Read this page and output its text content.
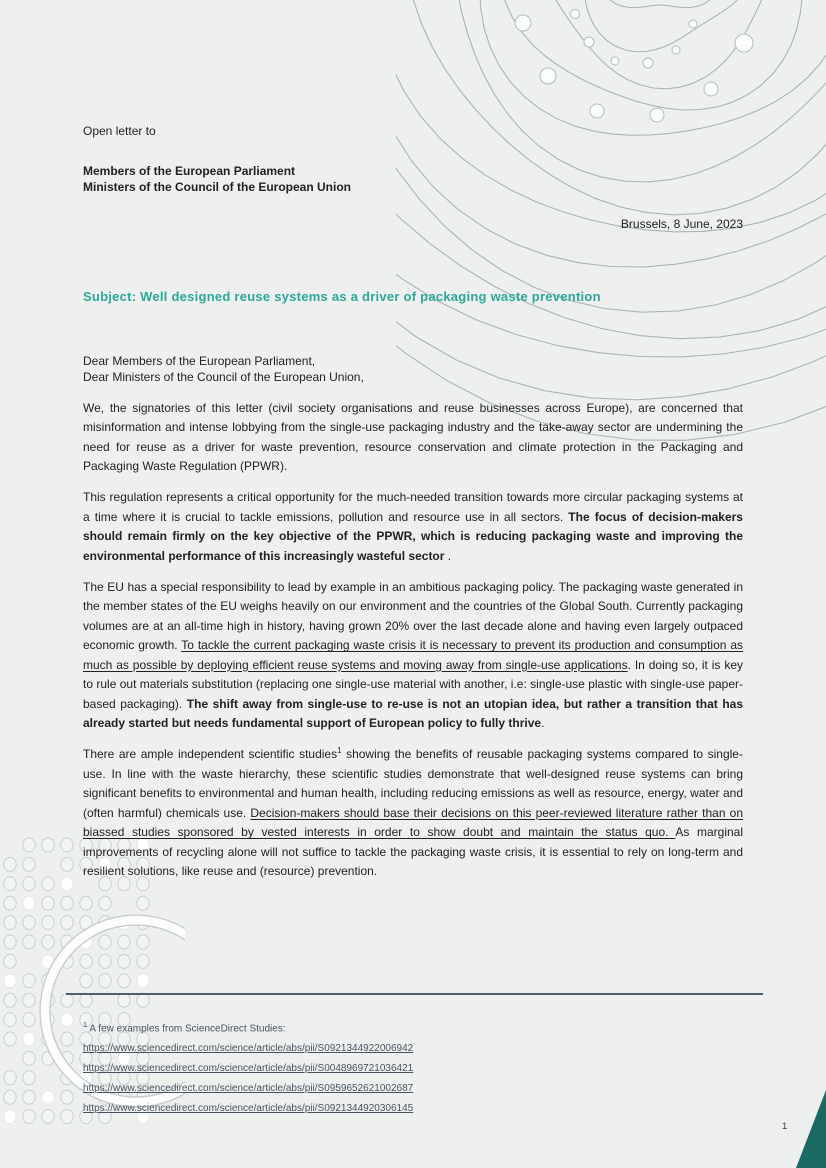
Open letter to

Members of the European Parliament

Ministers of the Council of the European Union

Brussels, 8 June, 2023

Subject: Well designed reuse systems as a driver of packaging waste prevention

Dear Members of the European Parliament,

Dear Ministers of the Council of the European Union,

We, the signatories of this letter (civil society organisations and reuse businesses across Europe), are concerned that misinformation and intense lobbying from the single-use packaging industry and the take-away sector are undermining the need for reuse as a driver for waste prevention, resource conservation and climate protection in the Packaging and Packaging Waste Regulation (PPWR).

This regulation represents a critical opportunity for the much-needed transition towards more circular packaging systems at a time where it is crucial to tackle emissions, pollution and resource use in all sectors. The focus of decision-makers should remain firmly on the key objective of the PPWR, which is reducing packaging waste and improving the environmental performance of this increasingly wasteful sector .

The EU has a special responsibility to lead by example in an ambitious packaging policy. The packaging waste generated in the member states of the EU weighs heavily on our environment and the countries of the Global South. Currently packaging volumes are at an all-time high in history, having grown 20% over the last decade alone and having even largely outpaced economic growth. To tackle the current packaging waste crisis it is necessary to prevent its production and consumption as much as possible by deploying efficient reuse systems and moving away from single-use applications. In doing so, it is key to rule out materials substitution (replacing one single-use material with another, i.e: single-use plastic with single-use paper-based packaging). The shift away from single-use to re-use is not an utopian idea, but rather a transition that has already started but needs fundamental support of European policy to fully thrive.

There are ample independent scientific studies$^1$ showing the benefits of reusable packaging systems compared to single-use. In line with the waste hierarchy, these scientific studies demonstrate that well-designed reuse systems can bring significant benefits to environmental and human health, including reducing emissions as well as resource, energy, water and (often harmful) chemicals use. Decision-makers should base their decisions on this peer-reviewed literature rather than on biassed studies sponsored by vested interests in order to show doubt and maintain the status quo. As marginal improvements of recycling alone will not suffice to tackle the packaging waste crisis, it is essential to rely on long-term and resilient solutions, like reuse and (resource) prevention.

$^1$ A few examples from ScienceDirect Studies:

https://www.sciencedirect.com/science/article/abs/pii/S0921344922006942
https://www.sciencedirect.com/science/article/abs/pii/S0048969721036421
https://www.sciencedirect.com/science/article/abs/pii/S0959652621002687
https://www.sciencedirect.com/science/article/abs/pii/S0921344920306145
1
